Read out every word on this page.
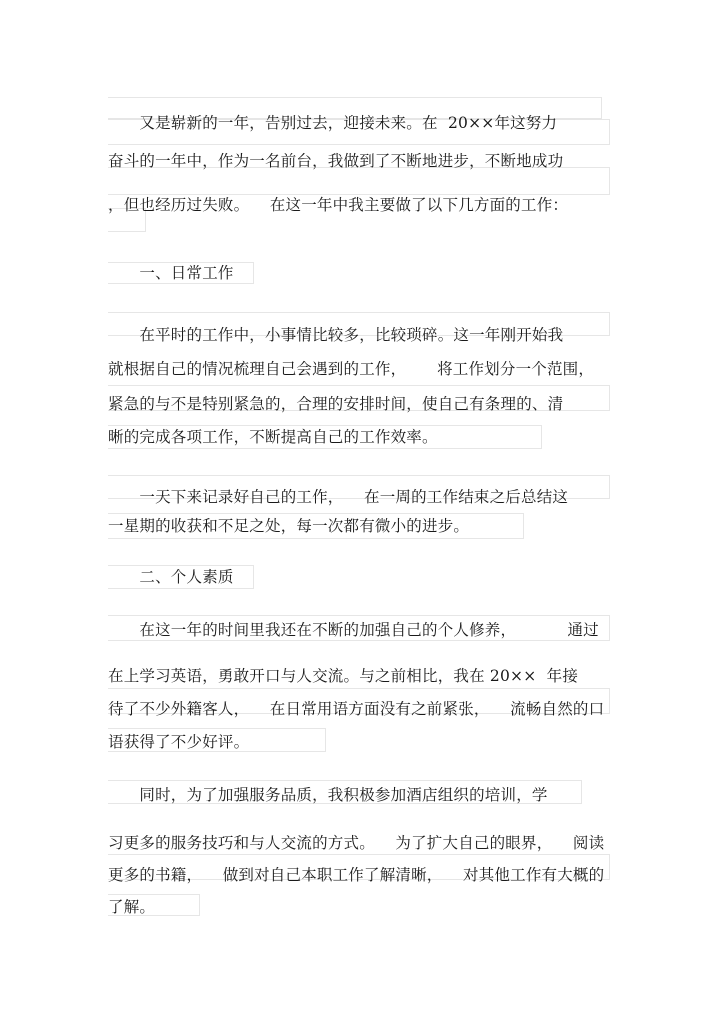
　　又是崭新的一年，告别过去，迎接未来。在  20××年这努力
奋斗的一年中，作为一名前台，我做到了不断地进步，不断地成功
，但也经历过失败。    在这一年中我主要做了以下几方面的工作：
　　一、日常工作
　　在平时的工作中，小事情比较多，比较琐碎。这一年刚开始我
就根据自己的情况梳理自己会遇到的工作，      将工作划分一个范围，
紧急的与不是特别紧急的，合理的安排时间，使自己有条理的、清
晰的完成各项工作，不断提高自己的工作效率。
　　一天下来记录好自己的工作，    在一周的工作结束之后总结这
一星期的收获和不足之处，每一次都有微小的进步。
　　二、个人素质
　　在这一年的时间里我还在不断的加强自己的个人修养，          通过
在上学习英语，勇敢开口与人交流。与之前相比，我在 20××  年接
待了不少外籍客人，    在日常用语方面没有之前紧张，    流畅自然的口
语获得了不少好评。
　　同时，为了加强服务品质，我积极参加酒店组织的培训，学
习更多的服务技巧和与人交流的方式。    为了扩大自己的眼界，    阅读
更多的书籍，    做到对自己本职工作了解清晰，    对其他工作有大概的
了解。
